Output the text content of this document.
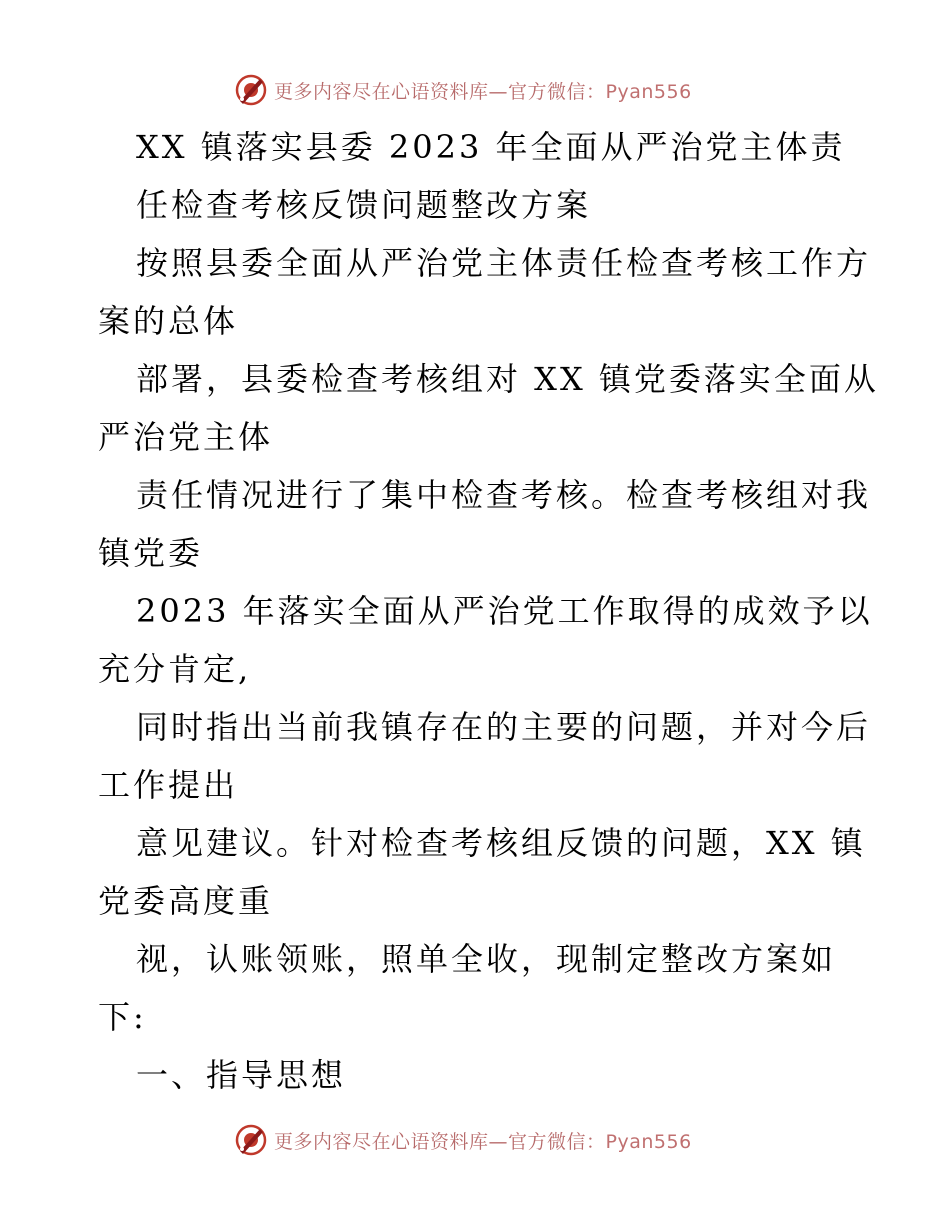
更多内容尽在心语资料库—官方微信：Pyan556
XX 镇落实县委 2023 年全面从严治党主体责
任检查考核反馈问题整改方案
按照县委全面从严治党主体责任检查考核工作方
案的总体
部署，县委检查考核组对 XX 镇党委落实全面从
严治党主体
责任情况进行了集中检查考核。检查考核组对我
镇党委
2023 年落实全面从严治党工作取得的成效予以
充分肯定,
同时指出当前我镇存在的主要的问题，并对今后
工作提出
意见建议。针对检查考核组反馈的问题，XX 镇
党委高度重
视，认账领账，照单全收，现制定整改方案如
下:
一、指导思想
更多内容尽在心语资料库—官方微信：Pyan556
